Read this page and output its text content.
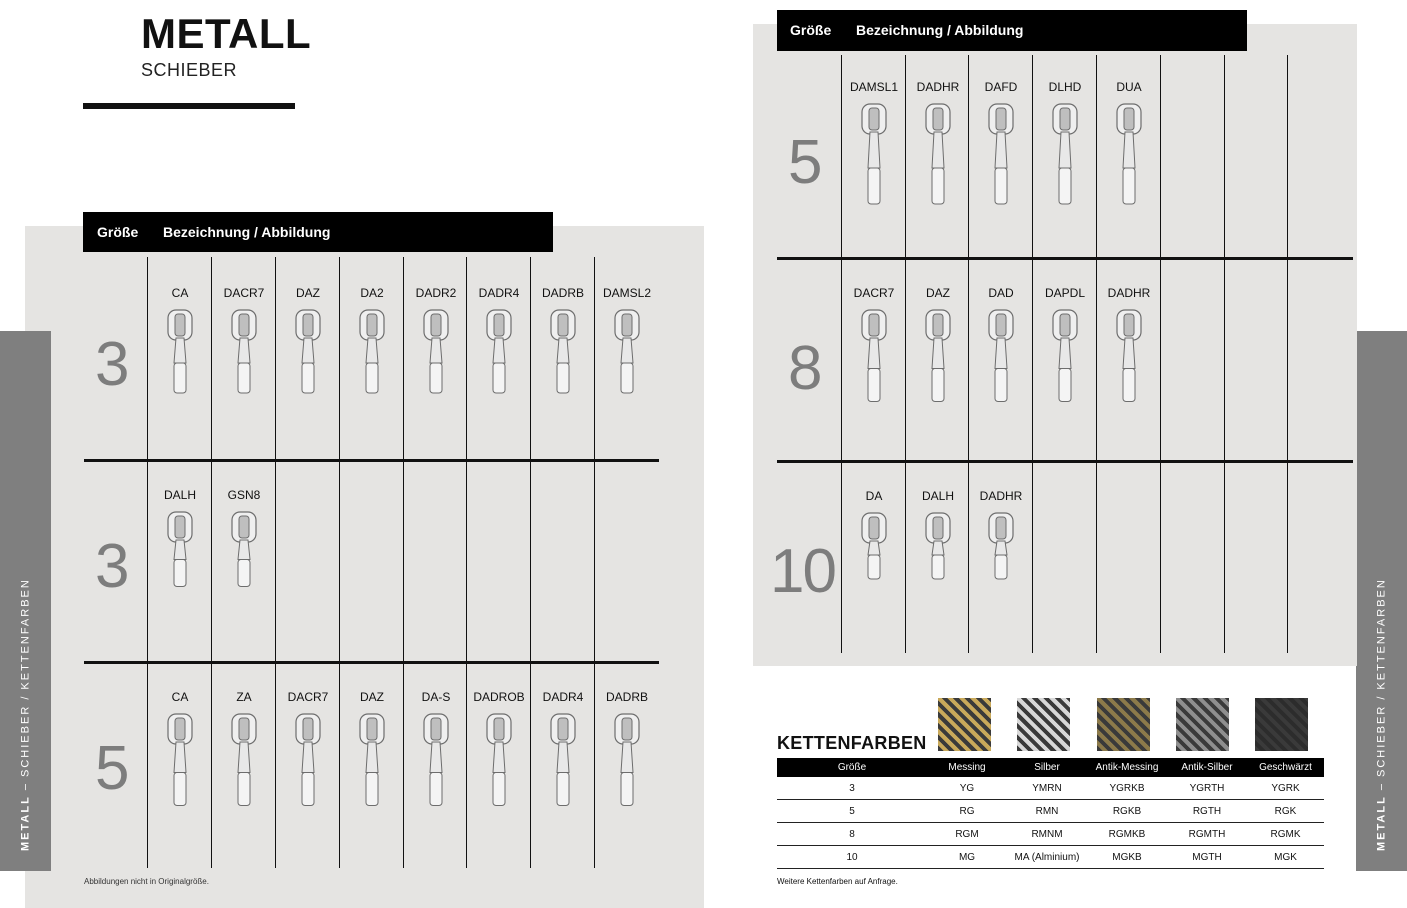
METALL
SCHIEBER
Größe Bezeichnung / Abbildung
3
CA	DACR7	DAZ	DA2	DADR2	DADR4	DADRB	DAMSL2
3
DALH	GSN8
5
CA	ZA	DACR7	DAZ	DA-S	DADROB	DADR4	DADRB
Abbildungen nicht in Originalgröße.
METALL – SCHIEBER / KETTENFARBEN
METALL – SCHIEBER / KETTENFARBEN
Größe Bezeichnung / Abbildung
5
DAMSL1	DADHR	DAFD	DLHD	DUA
8
DACR7	DAZ	DAD	DAPDL	DADHR
10
DA	DALH	DADHR
KETTENFARBEN
Größe	Messing	Silber	Antik-Messing	Antik-Silber	Geschwärzt
3	YG	YMRN	YGRKB	YGRTH	YGRK
5	RG	RMN	RGKB	RGTH	RGK
8	RGM	RMNM	RGMKB	RGMTH	RGMK
10	MG	MA (Alminium)	MGKB	MGTH	MGK
Weitere Kettenfarben auf Anfrage.
